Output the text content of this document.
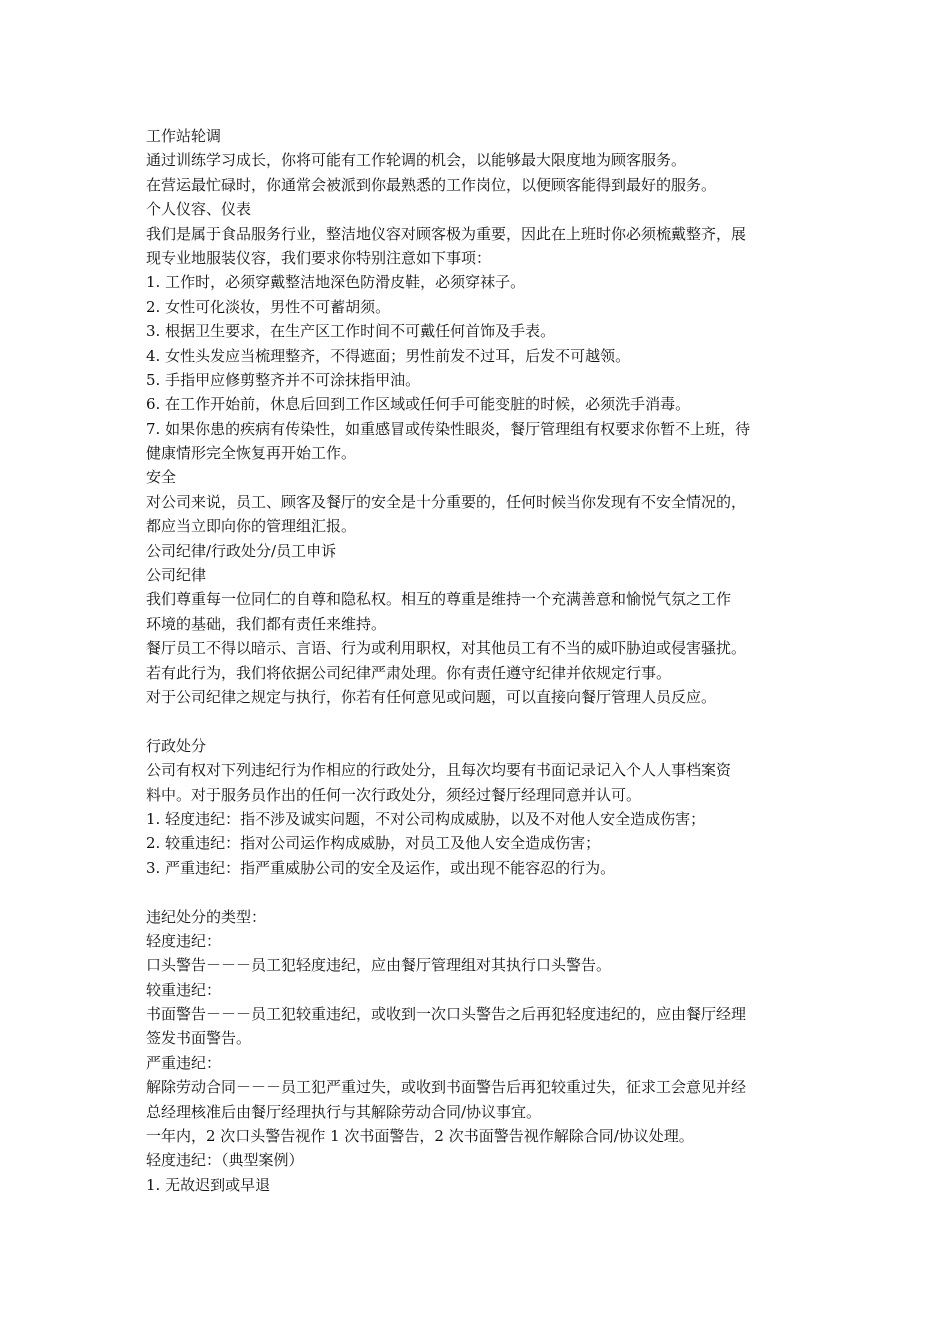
工作站轮调
通过训练学习成长，你将可能有工作轮调的机会，以能够最大限度地为顾客服务。
在营运最忙碌时，你通常会被派到你最熟悉的工作岗位，以便顾客能得到最好的服务。
个人仪容、仪表
我们是属于食品服务行业，整洁地仪容对顾客极为重要，因此在上班时你必须梳戴整齐，展
现专业地服装仪容，我们要求你特别注意如下事项：
1. 工作时，必须穿戴整洁地深色防滑皮鞋，必须穿袜子。
2. 女性可化淡妆，男性不可蓄胡须。
3. 根据卫生要求，在生产区工作时间不可戴任何首饰及手表。
4. 女性头发应当梳理整齐，不得遮面；男性前发不过耳，后发不可越领。
5. 手指甲应修剪整齐并不可涂抹指甲油。
6. 在工作开始前，休息后回到工作区域或任何手可能变脏的时候，必须洗手消毒。
7. 如果你患的疾病有传染性，如重感冒或传染性眼炎，餐厅管理组有权要求你暂不上班，待
健康情形完全恢复再开始工作。
安全
对公司来说，员工、顾客及餐厅的安全是十分重要的，任何时候当你发现有不安全情况的，
都应当立即向你的管理组汇报。
公司纪律/行政处分/员工申诉
公司纪律
我们尊重每一位同仁的自尊和隐私权。相互的尊重是维持一个充满善意和愉悦气氛之工作
环境的基础，我们都有责任来维持。
餐厅员工不得以暗示、言语、行为或利用职权，对其他员工有不当的威吓胁迫或侵害骚扰。
若有此行为，我们将依据公司纪律严肃处理。你有责任遵守纪律并依规定行事。
对于公司纪律之规定与执行，你若有任何意见或问题，可以直接向餐厅管理人员反应。
行政处分
公司有权对下列违纪行为作相应的行政处分，且每次均要有书面记录记入个人人事档案资
料中。对于服务员作出的任何一次行政处分，须经过餐厅经理同意并认可。
1. 轻度违纪：指不涉及诚实问题，不对公司构成威胁，以及不对他人安全造成伤害；
2. 较重违纪：指对公司运作构成威胁，对员工及他人安全造成伤害；
3. 严重违纪：指严重威胁公司的安全及运作，或出现不能容忍的行为。
违纪处分的类型：
轻度违纪：
口头警告－－－员工犯轻度违纪，应由餐厅管理组对其执行口头警告。
较重违纪：
书面警告－－－员工犯较重违纪，或收到一次口头警告之后再犯轻度违纪的，应由餐厅经理
签发书面警告。
严重违纪：
解除劳动合同－－－员工犯严重过失，或收到书面警告后再犯较重过失，征求工会意见并经
总经理核准后由餐厅经理执行与其解除劳动合同/协议事宜。
一年内，2 次口头警告视作 1 次书面警告，2 次书面警告视作解除合同/协议处理。
轻度违纪：（典型案例）
1. 无故迟到或早退
